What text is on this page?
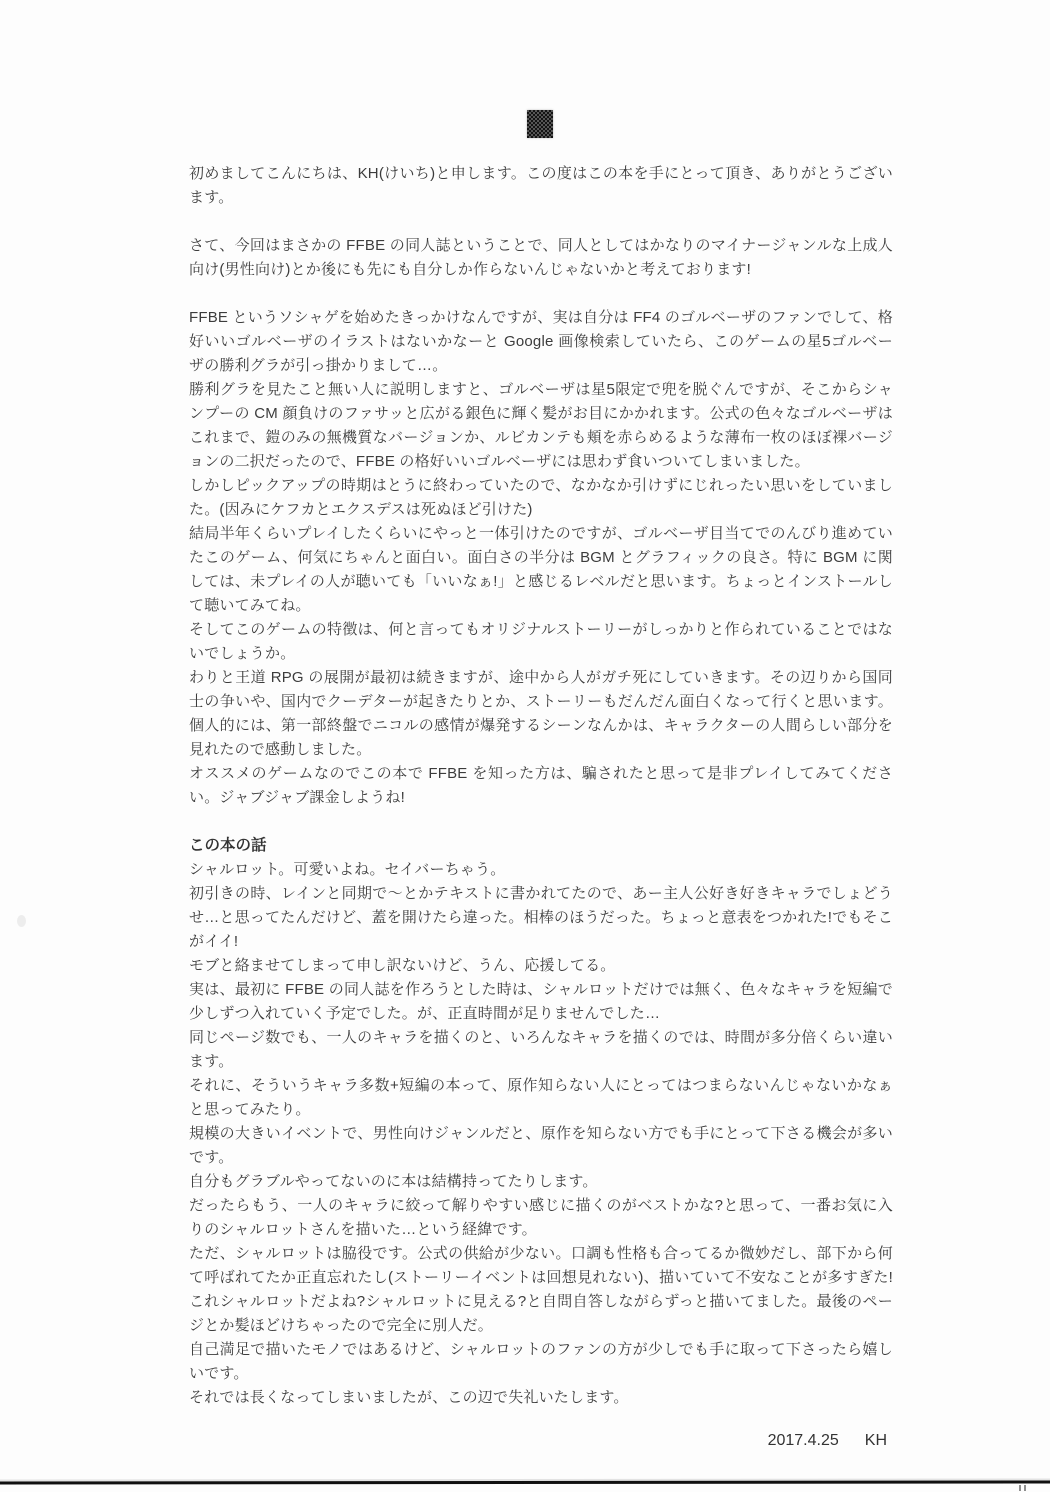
初めましてこんにちは、KH(けいち)と申します。この度はこの本を手にとって頂き、ありがとうございます。

さて、今回はまさかの FFBE の同人誌ということで、同人としてはかなりのマイナージャンルな上成人向け(男性向け)とか後にも先にも自分しか作らないんじゃないかと考えております!

FFBE というソシャゲを始めたきっかけなんですが、実は自分は FF4 のゴルベーザのファンでして、格好いいゴルベーザのイラストはないかなーと Google 画像検索していたら、このゲームの星5ゴルベーザの勝利グラが引っ掛かりまして…。

勝利グラを見たこと無い人に説明しますと、ゴルベーザは星5限定で兜を脱ぐんですが、そこからシャンプーの CM 顔負けのファサッと広がる銀色に輝く髪がお目にかかれます。公式の色々なゴルベーザはこれまで、鎧のみの無機質なバージョンか、ルビカンテも頬を赤らめるような薄布一枚のほぼ裸バージョンの二択だったので、FFBE の格好いいゴルベーザには思わず食いついてしまいました。

しかしピックアップの時期はとうに終わっていたので、なかなか引けずにじれったい思いをしていました。(因みにケフカとエクスデスは死ぬほど引けた)

結局半年くらいプレイしたくらいにやっと一体引けたのですが、ゴルベーザ目当てでのんびり進めていたこのゲーム、何気にちゃんと面白い。面白さの半分は BGM とグラフィックの良さ。特に BGM に関しては、未プレイの人が聴いても「いいなぁ!」と感じるレベルだと思います。ちょっとインストールして聴いてみてね。

そしてこのゲームの特徴は、何と言ってもオリジナルストーリーがしっかりと作られていることではないでしょうか。

わりと王道 RPG の展開が最初は続きますが、途中から人がガチ死にしていきます。その辺りから国同士の争いや、国内でクーデターが起きたりとか、ストーリーもだんだん面白くなって行くと思います。個人的には、第一部終盤でニコルの感情が爆発するシーンなんかは、キャラクターの人間らしい部分を見れたので感動しました。

オススメのゲームなのでこの本で FFBE を知った方は、騙されたと思って是非プレイしてみてください。ジャブジャブ課金しようね!

この本の話

シャルロット。可愛いよね。セイバーちゃう。

初引きの時、レインと同期で〜とかテキストに書かれてたので、あー主人公好き好きキャラでしょどうせ…と思ってたんだけど、蓋を開けたら違った。相棒のほうだった。ちょっと意表をつかれた!でもそこがイイ!

モブと絡ませてしまって申し訳ないけど、うん、応援してる。

実は、最初に FFBE の同人誌を作ろうとした時は、シャルロットだけでは無く、色々なキャラを短編で少しずつ入れていく予定でした。が、正直時間が足りませんでした…

同じページ数でも、一人のキャラを描くのと、いろんなキャラを描くのでは、時間が多分倍くらい違います。

それに、そういうキャラ多数+短編の本って、原作知らない人にとってはつまらないんじゃないかなぁと思ってみたり。

規模の大きいイベントで、男性向けジャンルだと、原作を知らない方でも手にとって下さる機会が多いです。

自分もグラブルやってないのに本は結構持ってたりします。

だったらもう、一人のキャラに絞って解りやすい感じに描くのがベストかな?と思って、一番お気に入りのシャルロットさんを描いた…という経緯です。

ただ、シャルロットは脇役です。公式の供給が少ない。口調も性格も合ってるか微妙だし、部下から何て呼ばれてたか正直忘れたし(ストーリーイベントは回想見れない)、描いていて不安なことが多すぎた!これシャルロットだよね?シャルロットに見える?と自問自答しながらずっと描いてました。最後のページとか髪ほどけちゃったので完全に別人だ。

自己満足で描いたモノではあるけど、シャルロットのファンの方が少しでも手に取って下さったら嬉しいです。

それでは長くなってしまいましたが、この辺で失礼いたします。

2017.4.25 KH
